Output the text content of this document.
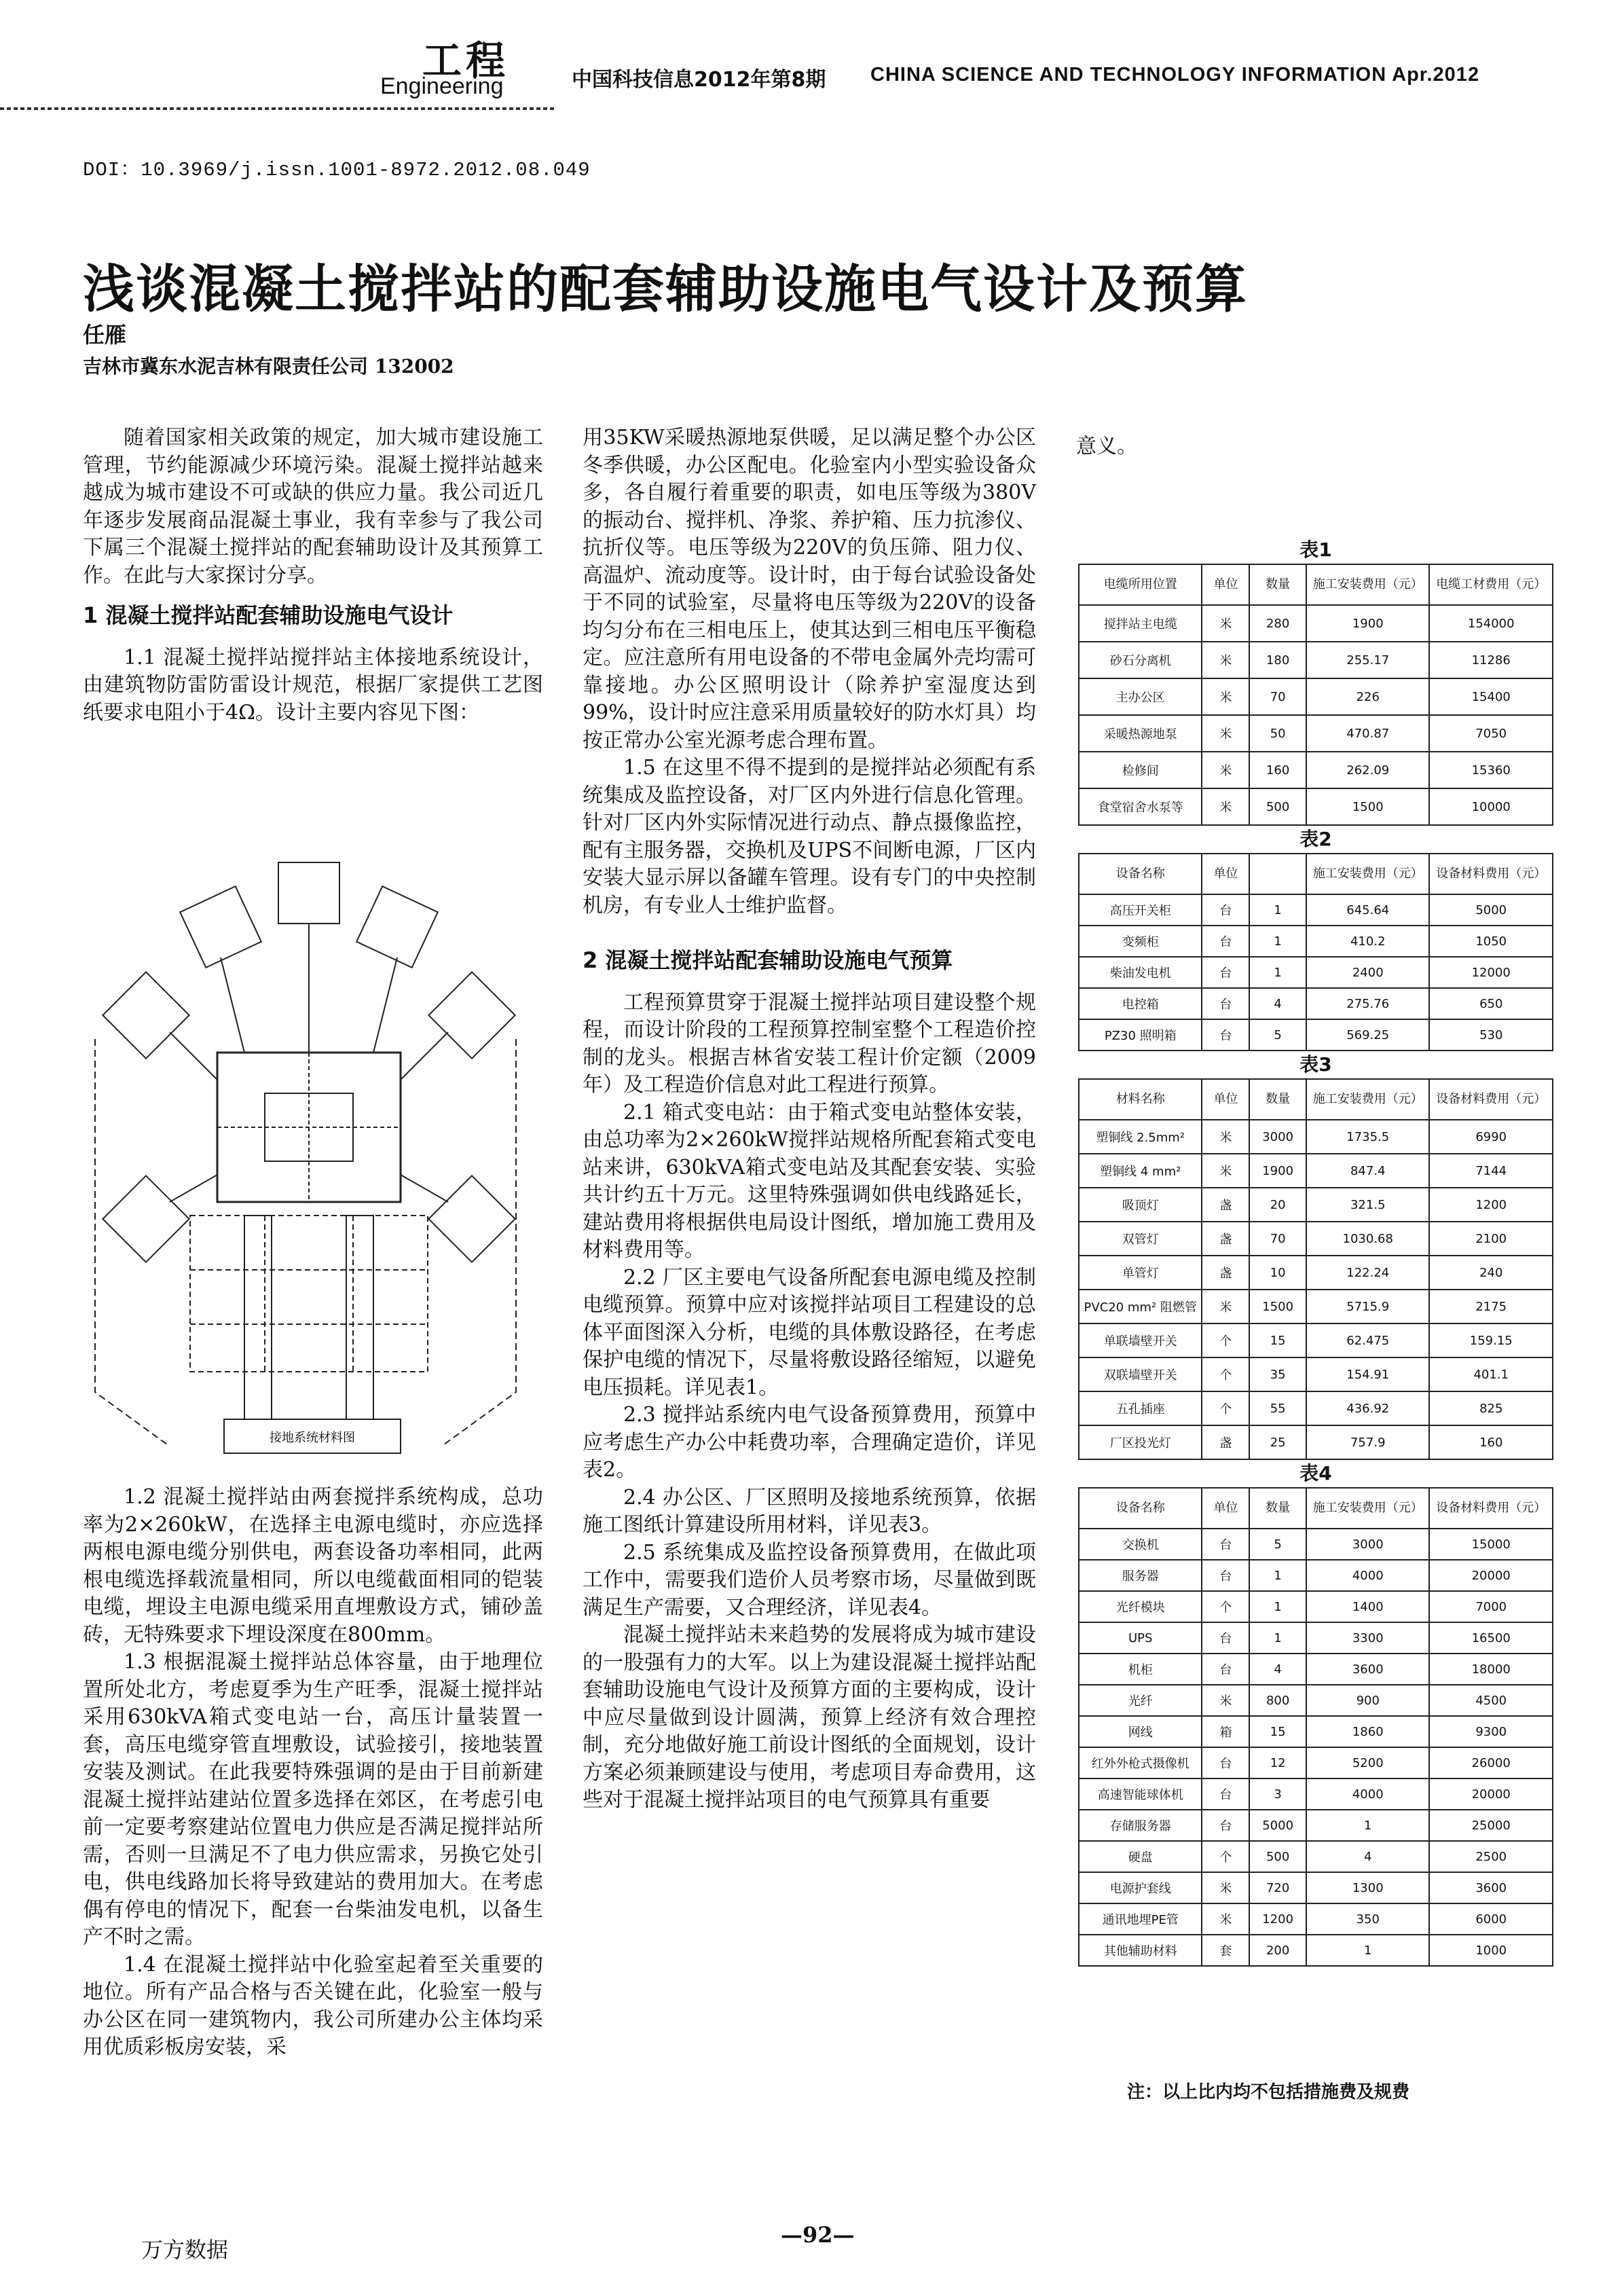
工程
Engineering	中国科技信息2012年第8期 CHINA SCIENCE AND TECHNOLOGY INFORMATION Apr.2012
DOI：10.3969/j.issn.1001-8972.2012.08.049
浅谈混凝土搅拌站的配套辅助设施电气设计及预算
任雁
吉林市冀东水泥吉林有限责任公司 132002

随着国家相关政策的规定，加大城市建设施工管理，节约能源减少环境污染。混凝土搅拌站越来越成为城市建设不可或缺的供应力量。我公司近几年逐步发展商品混凝土事业，我有幸参与了我公司下属三个混凝土搅拌站的配套辅助设计及其预算工作。在此与大家探讨分享。

1 混凝土搅拌站配套辅助设施电气设计

1.1 混凝土搅拌站搅拌站主体接地系统设计，由建筑物防雷防雷设计规范，根据厂家提供工艺图纸要求电阻小于4Ω。设计主要内容见下图：

接地系统材料图

1.2 混凝土搅拌站由两套搅拌系统构成，总功率为2×260kW，在选择主电源电缆时，亦应选择两根电源电缆分别供电，两套设备功率相同，此两根电缆选择载流量相同，所以电缆截面相同的铠装电缆，埋设主电源电缆采用直埋敷设方式，铺砂盖砖，无特殊要求下埋设深度在800mm。

1.3 根据混凝土搅拌站总体容量，由于地理位置所处北方，考虑夏季为生产旺季，混凝土搅拌站采用630kVA箱式变电站一台，高压计量装置一套，高压电缆穿管直埋敷设，试验接引，接地装置安装及测试。在此我要特殊强调的是由于目前新建混凝土搅拌站建站位置多选择在郊区，在考虑引电前一定要考察建站位置电力供应是否满足搅拌站所需，否则一旦满足不了电力供应需求，另换它处引电，供电线路加长将导致建站的费用加大。在考虑偶有停电的情况下，配套一台柴油发电机，以备生产不时之需。

1.4 在混凝土搅拌站中化验室起着至关重要的地位。所有产品合格与否关键在此，化验室一般与办公区在同一建筑物内，我公司所建办公主体均采用优质彩板房安装，采

用35KW采暖热源地泵供暖，足以满足整个办公区冬季供暖，办公区配电。化验室内小型实验设备众多，各自履行着重要的职责，如电压等级为380V的振动台、搅拌机、净浆、养护箱、压力抗渗仪、抗折仪等。电压等级为220V的负压筛、阻力仪、高温炉、流动度等。设计时，由于每台试验设备处于不同的试验室，尽量将电压等级为220V的设备均匀分布在三相电压上，使其达到三相电压平衡稳定。应注意所有用电设备的不带电金属外壳均需可靠接地。办公区照明设计（除养护室湿度达到99%，设计时应注意采用质量较好的防水灯具）均按正常办公室光源考虑合理布置。

1.5 在这里不得不提到的是搅拌站必须配有系统集成及监控设备，对厂区内外进行信息化管理。针对厂区内外实际情况进行动点、静点摄像监控，配有主服务器，交换机及UPS不间断电源，厂区内安装大显示屏以备罐车管理。设有专门的中央控制机房，有专业人士维护监督。

2 混凝土搅拌站配套辅助设施电气预算

工程预算贯穿于混凝土搅拌站项目建设整个规程，而设计阶段的工程预算控制室整个工程造价控制的龙头。根据吉林省安装工程计价定额（2009年）及工程造价信息对此工程进行预算。

2.1 箱式变电站：由于箱式变电站整体安装，由总功率为2×260kW搅拌站规格所配套箱式变电站来讲，630kVA箱式变电站及其配套安装、实验共计约五十万元。这里特殊强调如供电线路延长，建站费用将根据供电局设计图纸，增加施工费用及材料费用等。

2.2 厂区主要电气设备所配套电源电缆及控制电缆预算。预算中应对该搅拌站项目工程建设的总体平面图深入分析，电缆的具体敷设路径，在考虑保护电缆的情况下，尽量将敷设路径缩短，以避免电压损耗。详见表1。

2.3 搅拌站系统内电气设备预算费用，预算中应考虑生产办公中耗费功率，合理确定造价，详见表2。

2.4 办公区、厂区照明及接地系统预算，依据施工图纸计算建设所用材料，详见表3。

2.5 系统集成及监控设备预算费用，在做此项工作中，需要我们造价人员考察市场，尽量做到既满足生产需要，又合理经济，详见表4。

混凝土搅拌站未来趋势的发展将成为城市建设的一股强有力的大军。以上为建设混凝土搅拌站配套辅助设施电气设计及预算方面的主要构成，设计中应尽量做到设计圆满，预算上经济有效合理控制，充分地做好施工前设计图纸的全面规划，设计方案必须兼顾建设与使用，考虑项目寿命费用，这些对于混凝土搅拌站项目的电气预算具有重要

意义。

表1
电缆所用位置	单位	数量	施工安装费用（元）	电缆工材费用（元）
搅拌站主电缆	米	280	1900	154000
砂石分离机	米	180	255.17	11286
主办公区	米	70	226	15400
采暖热源地泵	米	50	470.87	7050
检修间	米	160	262.09	15360
食堂宿舍水泵等	米	500	1500	10000
表2
设备名称	单位		施工安装费用（元）	设备材料费用（元）
高压开关柜	台	1	645.64	5000
变频柜	台	1	410.2	1050
柴油发电机	台	1	2400	12000
电控箱	台	4	275.76	650
PZ30 照明箱	台	5	569.25	530
表3
材料名称	单位	数量	施工安装费用（元）	设备材料费用（元）
塑铜线 2.5mm²	米	3000	1735.5	6990
塑铜线 4 mm²	米	1900	847.4	7144
吸顶灯	盏	20	321.5	1200
双管灯	盏	70	1030.68	2100
单管灯	盏	10	122.24	240
PVC20 mm² 阻燃管	米	1500	5715.9	2175
单联墙壁开关	个	15	62.475	159.15
双联墙壁开关	个	35	154.91	401.1
五孔插座	个	55	436.92	825
厂区投光灯	盏	25	757.9	160
表4
设备名称	单位	数量	施工安装费用（元）	设备材料费用（元）
交换机	台	5	3000	15000
服务器	台	1	4000	20000
光纤模块	个	1	1400	7000
UPS	台	1	3300	16500
机柜	台	4	3600	18000
光纤	米	800	900	4500
网线	箱	15	1860	9300
红外外枪式摄像机	台	12	5200	26000
高速智能球体机	台	3	4000	20000
存储服务器	台	5000	1	25000
硬盘	个	500	4	2500
电源护套线	米	720	1300	3600
通讯地埋PE管	米	1200	350	6000
其他辅助材料	套	200	1	1000
注：以上比内均不包括措施费及规费
万方数据
—92—
